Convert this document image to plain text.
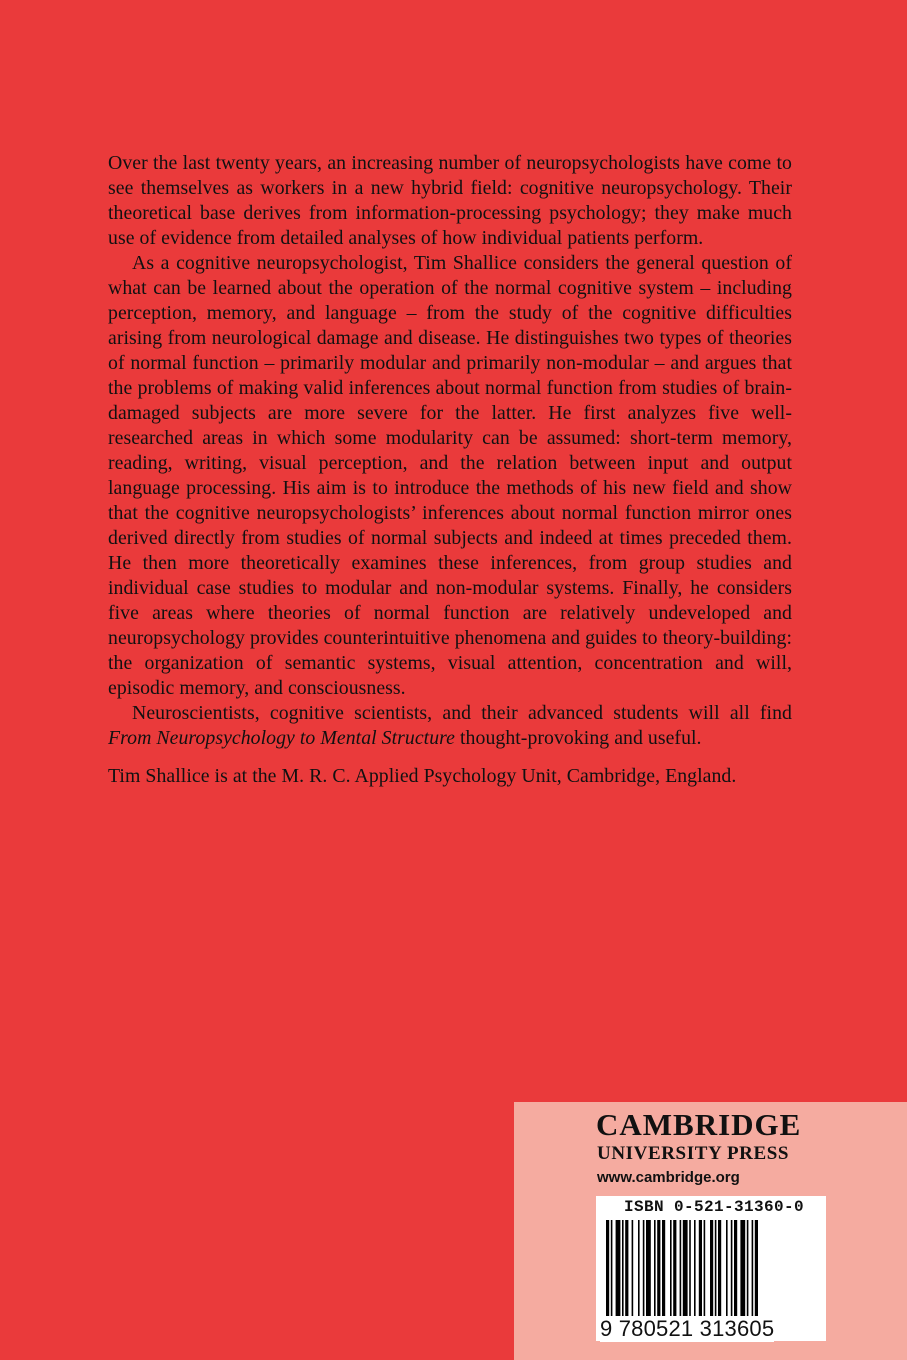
Over the last twenty years, an increasing number of neuropsychologists have come to see themselves as workers in a new hybrid field: cognitive neuropsychology. Their theoretical base derives from information-processing psychology; they make much use of evidence from detailed analyses of how individual patients perform.

As a cognitive neuropsychologist, Tim Shallice considers the general question of what can be learned about the operation of the normal cognitive system – including perception, memory, and language – from the study of the cognitive difficulties arising from neurological damage and disease. He distinguishes two types of theories of normal function – primarily modular and primarily non-modular – and argues that the problems of making valid inferences about normal function from studies of brain-damaged subjects are more severe for the latter. He first analyzes five well-researched areas in which some modularity can be assumed: short-term memory, reading, writing, visual perception, and the relation between input and output language processing. His aim is to introduce the methods of his new field and show that the cognitive neuropsychologists’ inferences about normal function mirror ones derived directly from studies of normal subjects and indeed at times preceded them. He then more theoretically examines these inferences, from group studies and individual case studies to modular and non-modular systems. Finally, he considers five areas where theories of normal function are relatively undeveloped and neuropsychology provides counterintuitive phenomena and guides to theory-building: the organization of semantic systems, visual attention, concentration and will, episodic memory, and consciousness.

Neuroscientists, cognitive scientists, and their advanced students will all find From Neuropsychology to Mental Structure thought-provoking and useful.

Tim Shallice is at the M. R. C. Applied Psychology Unit, Cambridge, England.

CAMBRIDGE
UNIVERSITY PRESS
www.cambridge.org
ISBN 0-521-31360-0
9 780521 313605
